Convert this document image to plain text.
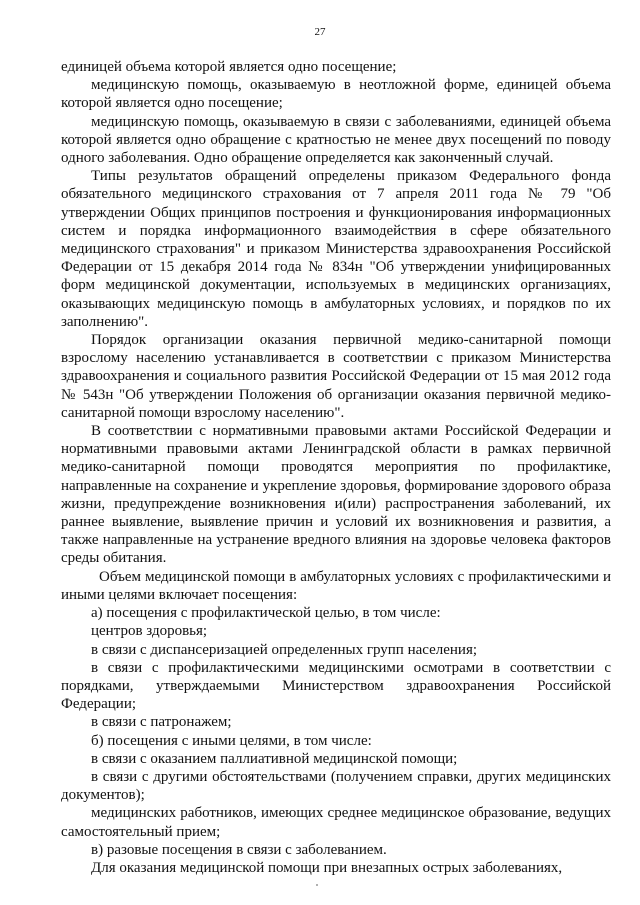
27

единицей объема которой является одно посещение;

медицинскую помощь, оказываемую в неотложной форме, единицей объема которой является одно посещение;

медицинскую помощь, оказываемую в связи с заболеваниями, единицей объема которой является одно обращение с кратностью не менее двух посещений по поводу одного заболевания. Одно обращение определяется как законченный случай.

Типы результатов обращений определены приказом Федерального фонда обязательного медицинского страхования от 7 апреля 2011 года № 79 "Об утверждении Общих принципов построения и функционирования информационных систем и порядка информационного взаимодействия в сфере обязательного медицинского страхования" и приказом Министерства здравоохранения Российской Федерации от 15 декабря 2014 года № 834н "Об утверждении унифицированных форм медицинской документации, используемых в медицинских организациях, оказывающих медицинскую помощь в амбулаторных условиях, и порядков по их заполнению".

Порядок организации оказания первичной медико-санитарной помощи взрослому населению устанавливается в соответствии с приказом Министерства здравоохранения и социального развития Российской Федерации от 15 мая 2012 года № 543н "Об утверждении Положения об организации оказания первичной медико-санитарной помощи взрослому населению".

В соответствии с нормативными правовыми актами Российской Федерации и нормативными правовыми актами Ленинградской области в рамках первичной медико-санитарной помощи проводятся мероприятия по профилактике, направленные на сохранение и укрепление здоровья, формирование здорового образа жизни, предупреждение возникновения и(или) распространения заболеваний, их раннее выявление, выявление причин и условий их возникновения и развития, а также направленные на устранение вредного влияния на здоровье человека факторов среды обитания.

Объем медицинской помощи в амбулаторных условиях с профилактическими и иными целями включает посещения:

а) посещения с профилактической целью, в том числе:

центров здоровья;

в связи с диспансеризацией определенных групп населения;

в связи с профилактическими медицинскими осмотрами в соответствии с порядками, утверждаемыми Министерством здравоохранения Российской Федерации;

в связи с патронажем;

б) посещения с иными целями, в том числе:

в связи с оказанием паллиативной медицинской помощи;

в связи с другими обстоятельствами (получением справки, других медицинских документов);

медицинских работников, имеющих среднее медицинское образование, ведущих самостоятельный прием;

в) разовые посещения в связи с заболеванием.

Для оказания медицинской помощи при внезапных острых заболеваниях,
